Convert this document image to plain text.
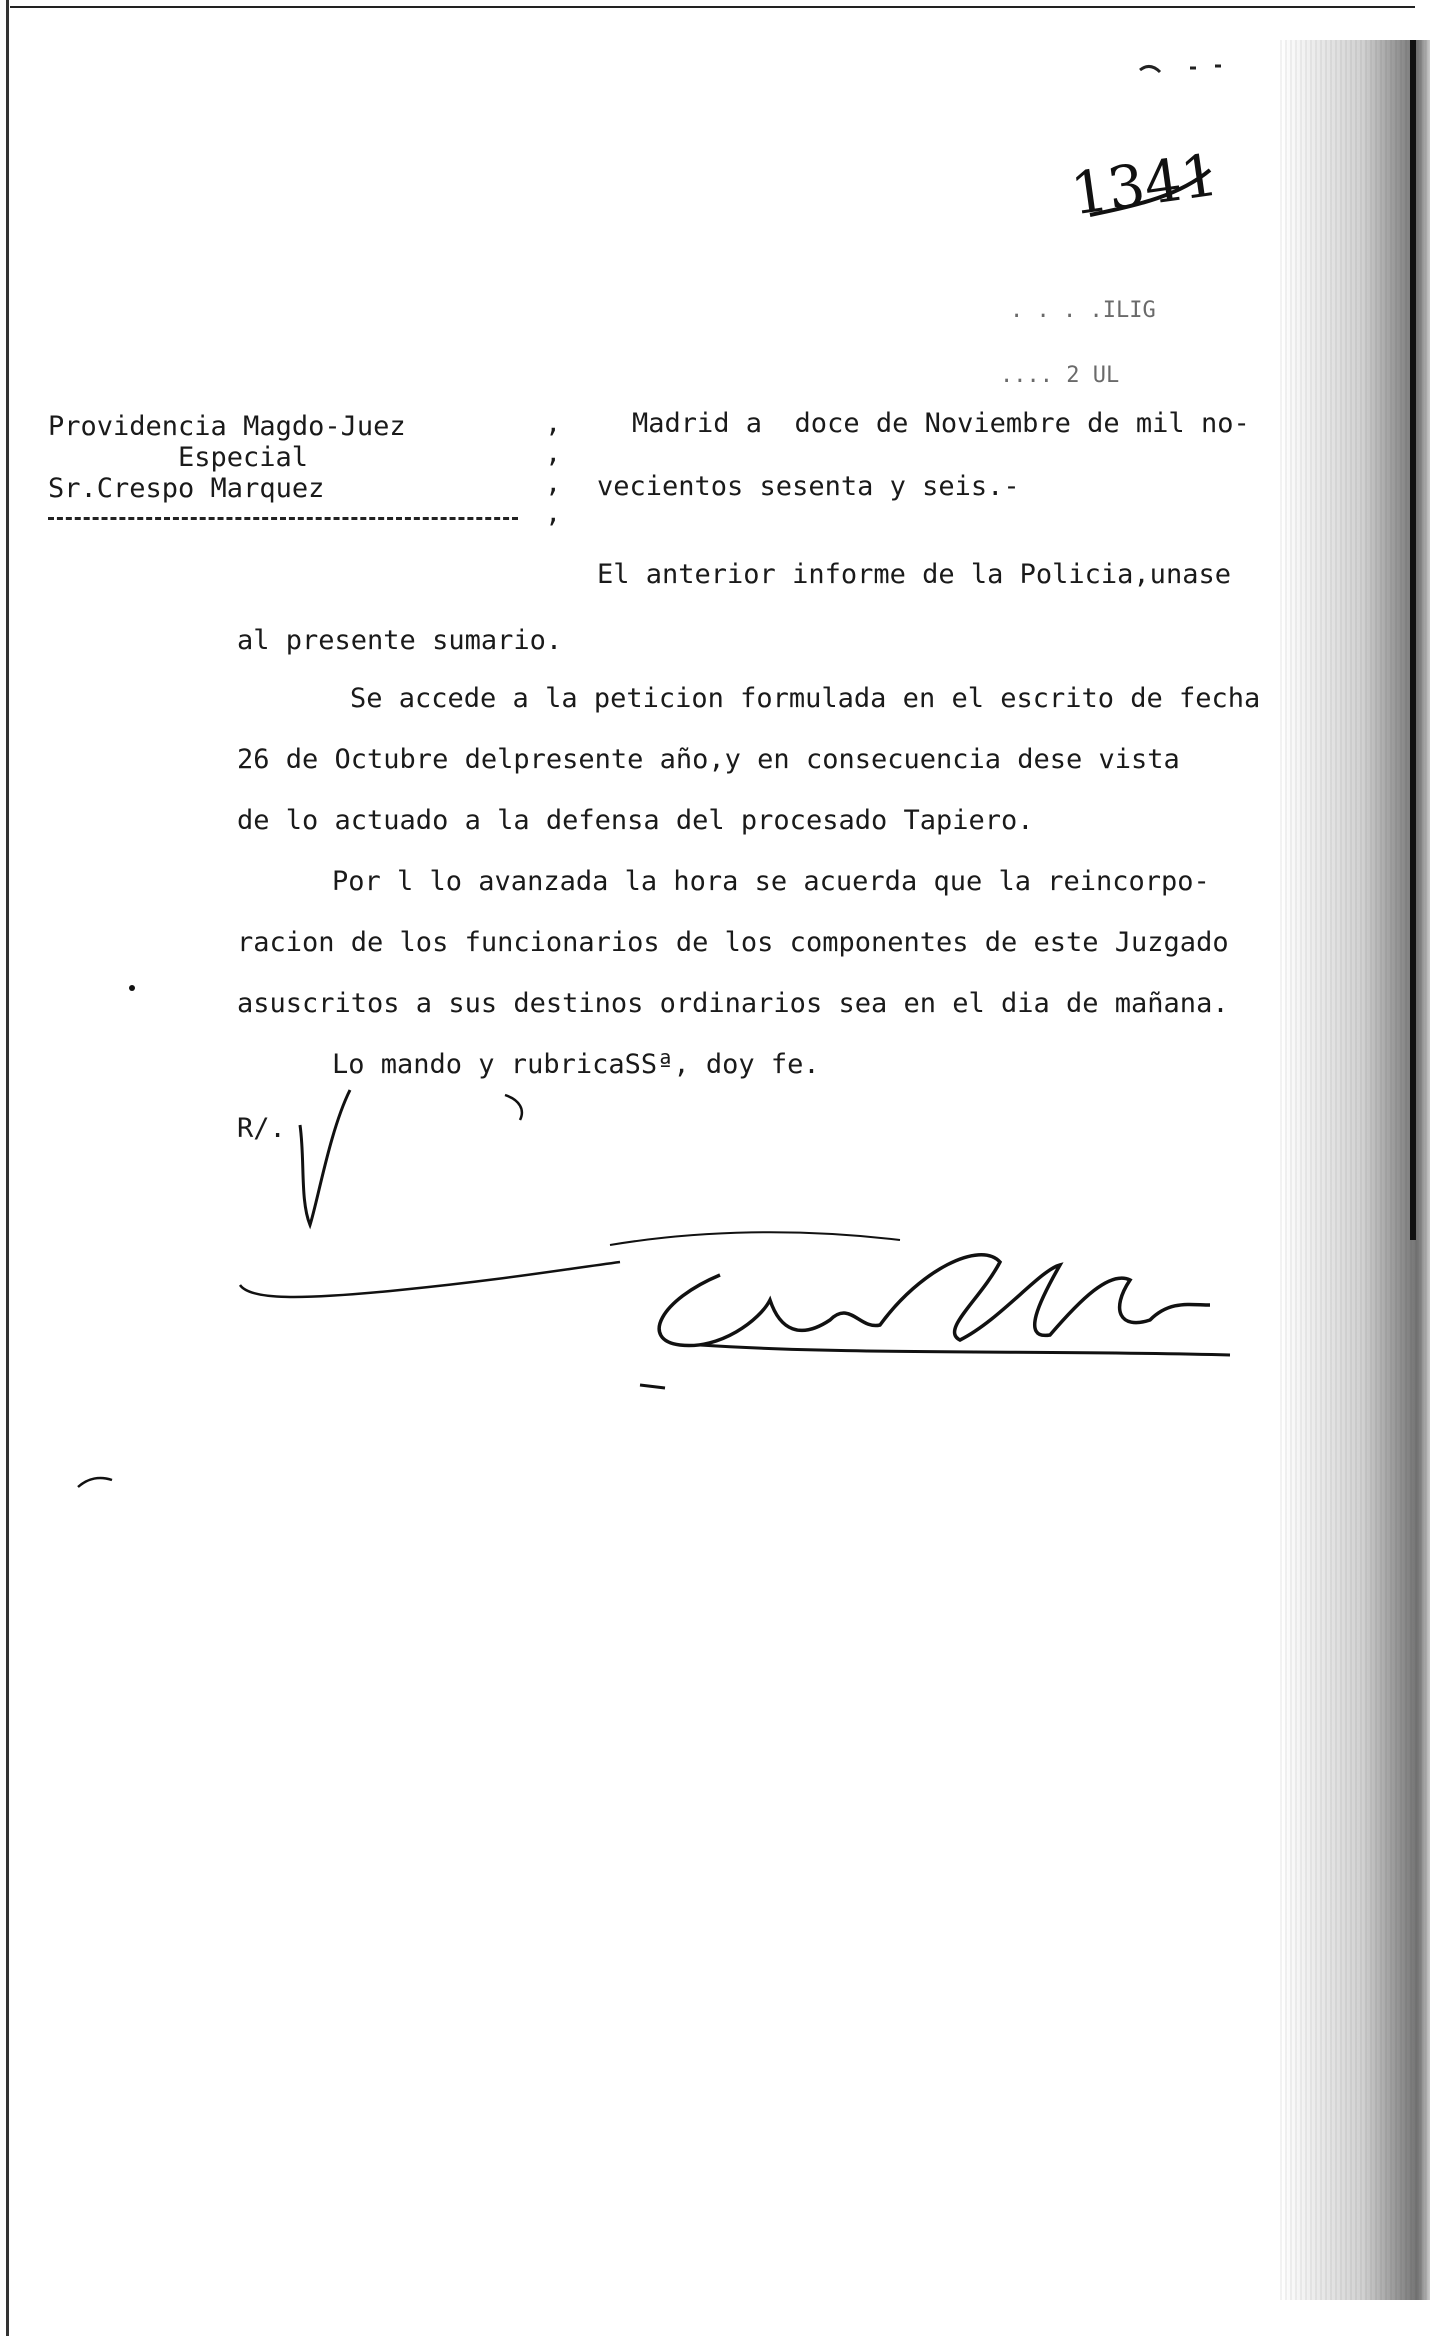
1341
. . . .ILIG
.... 2 UL
Providencia Magdo-Juez
Especial
Sr.Crespo Marquez
,
,
,
,
Madrid a  doce de Noviembre de mil no-
vecientos sesenta y seis.-
El anterior informe de la Policia,unase
al presente sumario.
Se accede a la peticion formulada en el escrito de fecha
26 de Octubre delpresente año,y en consecuencia dese vista
de lo actuado a la defensa del procesado Tapiero.
Por l lo avanzada la hora se acuerda que la reincorpo-
racion de los funcionarios de los componentes de este Juzgado
asuscritos a sus destinos ordinarios sea en el dia de mañana.
Lo mando y rubricaSSª, doy fe.
R/.
